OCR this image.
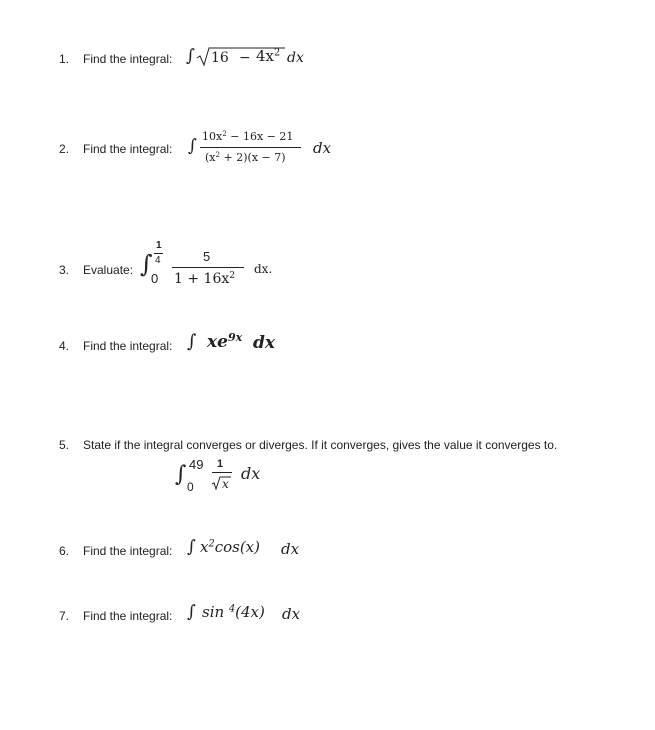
1. Find the integral: ∫ $16 - 4x^2$ dx
2. Find the integral: ∫ $10x^2 - 16x - 21$
$(x^2 + 2)(x - 7)$
dx
3. Evaluate: ∫
1
4
0
5
$1 + 16x^2$ dx.
4. Find the integral: ∫ $xe^{9x}$ dx
5. State if the integral converges or diverges. If it converges, gives the value it converges to.
∫ 49
0
1
x
dx
6. Find the integral: ∫ $x^2\cos(x)$ dx
7. Find the integral: ∫ sin $^4$(4x) dx
